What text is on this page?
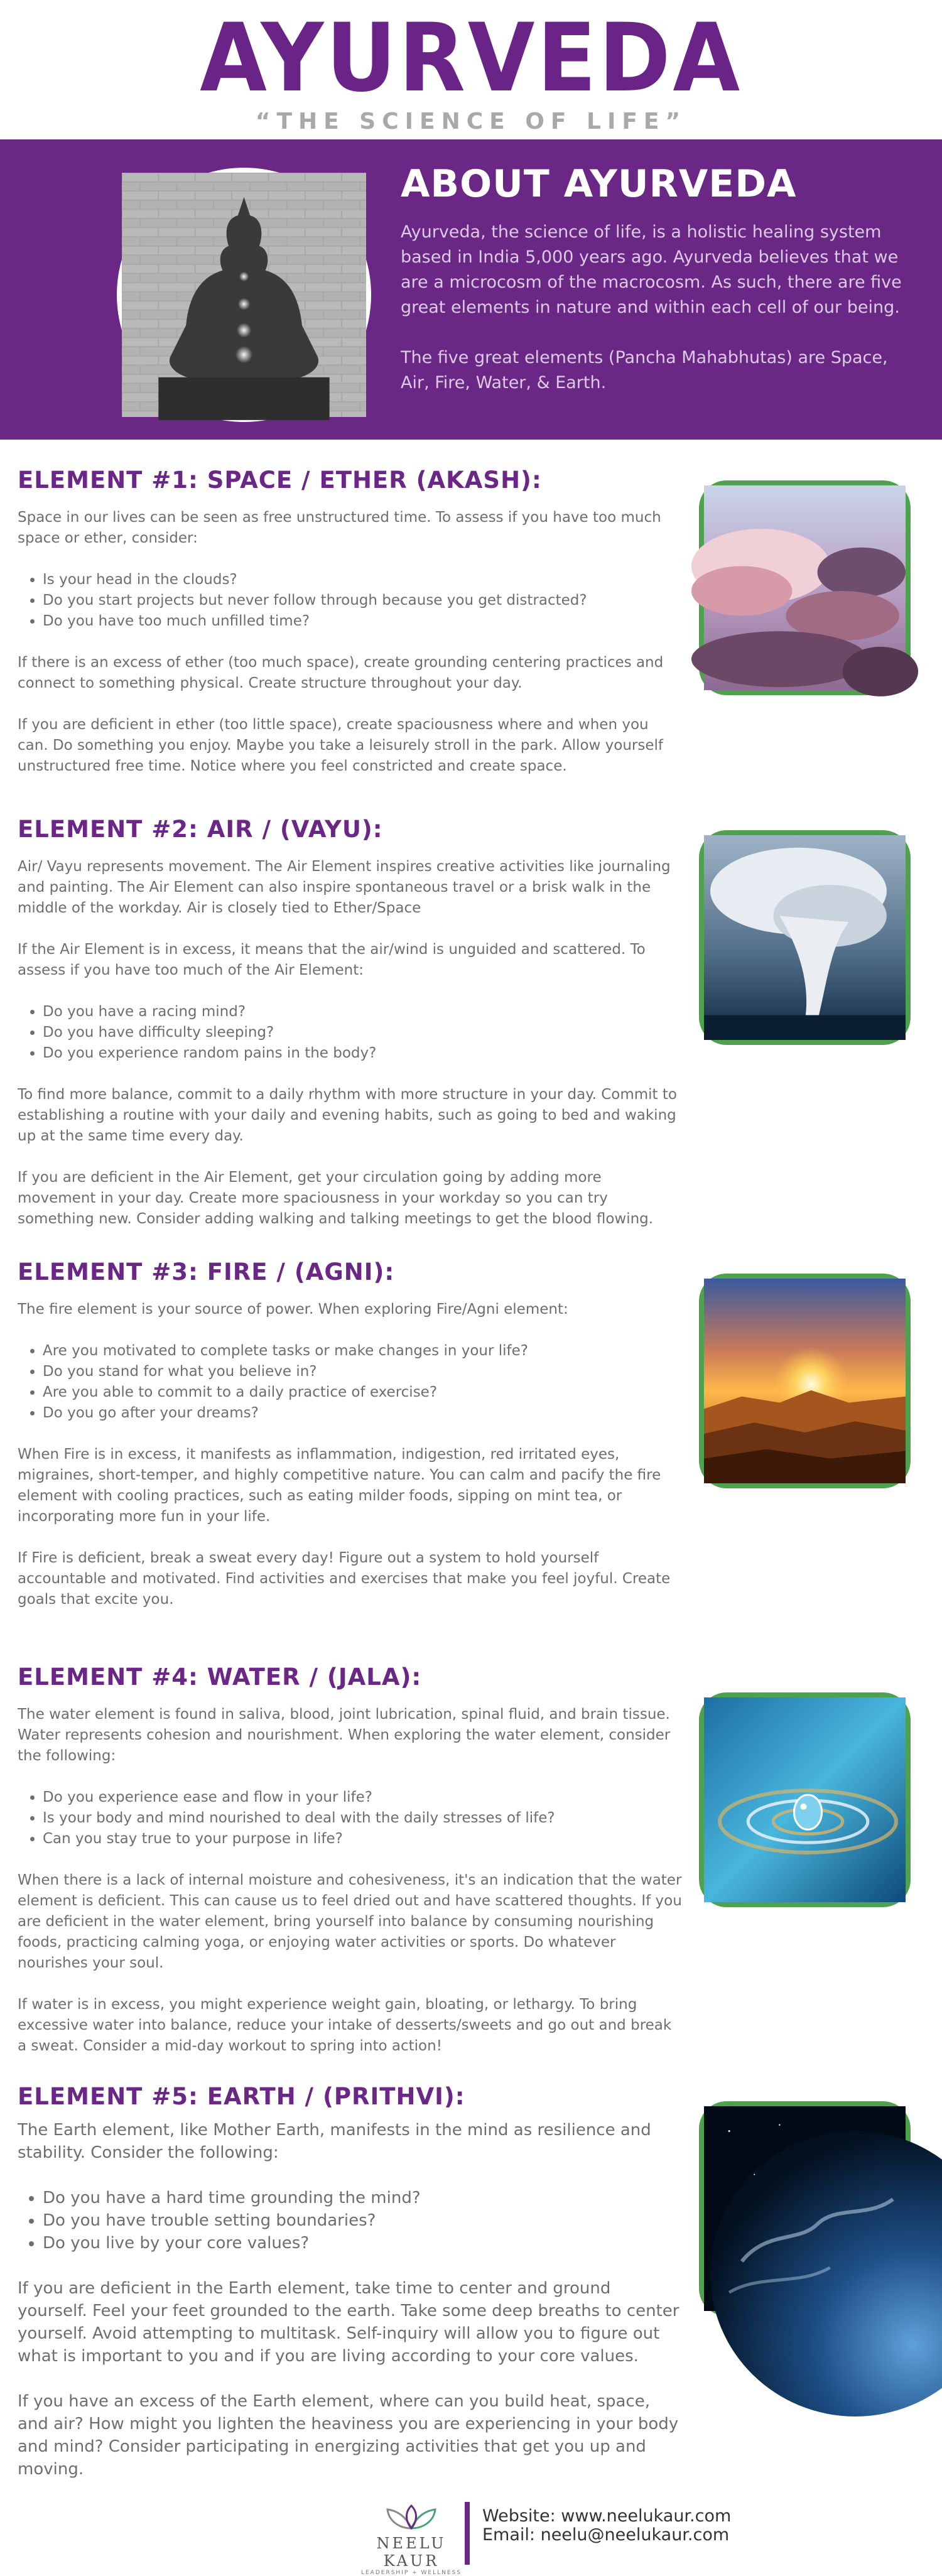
AYURVEDA
“THE SCIENCE OF LIFE”
ABOUT AYURVEDA

Ayurveda, the science of life, is a holistic healing system based in India 5,000 years ago. Ayurveda believes that we are a microcosm of the macrocosm. As such, there are five great elements in nature and within each cell of our being.

The five great elements (Pancha Mahabhutas) are Space, Air, Fire, Water, & Earth.

ELEMENT #1: SPACE / ETHER (AKASH):

Space in our lives can be seen as free unstructured time. To assess if you have too much space or ether, consider:

• Is your head in the clouds?
• Do you start projects but never follow through because you get distracted?
• Do you have too much unfilled time?

If there is an excess of ether (too much space), create grounding centering practices and connect to something physical. Create structure throughout your day.

If you are deficient in ether (too little space), create spaciousness where and when you can. Do something you enjoy. Maybe you take a leisurely stroll in the park. Allow yourself unstructured free time. Notice where you feel constricted and create space.

ELEMENT #2: AIR / (VAYU):

Air/ Vayu represents movement. The Air Element inspires creative activities like journaling and painting. The Air Element can also inspire spontaneous travel or a brisk walk in the middle of the workday. Air is closely tied to Ether/Space

If the Air Element is in excess, it means that the air/wind is unguided and scattered. To assess if you have too much of the Air Element:

• Do you have a racing mind?
• Do you have difficulty sleeping?
• Do you experience random pains in the body?

To find more balance, commit to a daily rhythm with more structure in your day. Commit to establishing a routine with your daily and evening habits, such as going to bed and waking up at the same time every day.

If you are deficient in the Air Element, get your circulation going by adding more movement in your day. Create more spaciousness in your workday so you can try something new. Consider adding walking and talking meetings to get the blood flowing.

ELEMENT #3: FIRE / (AGNI):

The fire element is your source of power. When exploring Fire/Agni element:

• Are you motivated to complete tasks or make changes in your life?
• Do you stand for what you believe in?
• Are you able to commit to a daily practice of exercise?
• Do you go after your dreams?

When Fire is in excess, it manifests as inflammation, indigestion, red irritated eyes, migraines, short-temper, and highly competitive nature. You can calm and pacify the fire element with cooling practices, such as eating milder foods, sipping on mint tea, or incorporating more fun in your life.

If Fire is deficient, break a sweat every day! Figure out a system to hold yourself accountable and motivated. Find activities and exercises that make you feel joyful. Create goals that excite you.

ELEMENT #4: WATER / (JALA):

The water element is found in saliva, blood, joint lubrication, spinal fluid, and brain tissue. Water represents cohesion and nourishment. When exploring the water element, consider the following:

• Do you experience ease and flow in your life?
• Is your body and mind nourished to deal with the daily stresses of life?
• Can you stay true to your purpose in life?

When there is a lack of internal moisture and cohesiveness, it's an indication that the water element is deficient. This can cause us to feel dried out and have scattered thoughts. If you are deficient in the water element, bring yourself into balance by consuming nourishing foods, practicing calming yoga, or enjoying water activities or sports. Do whatever nourishes your soul.

If water is in excess, you might experience weight gain, bloating, or lethargy. To bring excessive water into balance, reduce your intake of desserts/sweets and go out and break a sweat. Consider a mid-day workout to spring into action!

ELEMENT #5: EARTH / (PRITHVI):

The Earth element, like Mother Earth, manifests in the mind as resilience and stability. Consider the following:

• Do you have a hard time grounding the mind?
• Do you have trouble setting boundaries?
• Do you live by your core values?

If you are deficient in the Earth element, take time to center and ground yourself. Feel your feet grounded to the earth. Take some deep breaths to center yourself. Avoid attempting to multitask. Self-inquiry will allow you to figure out what is important to you and if you are living according to your core values.

If you have an excess of the Earth element, where can you build heat, space, and air? How might you lighten the heaviness you are experiencing in your body and mind? Consider participating in energizing activities that get you up and moving.

NEELU KAUR
LEADERSHIP + WELLNESS
Website: www.neelukaur.com
Email: neelu@neelukaur.com
